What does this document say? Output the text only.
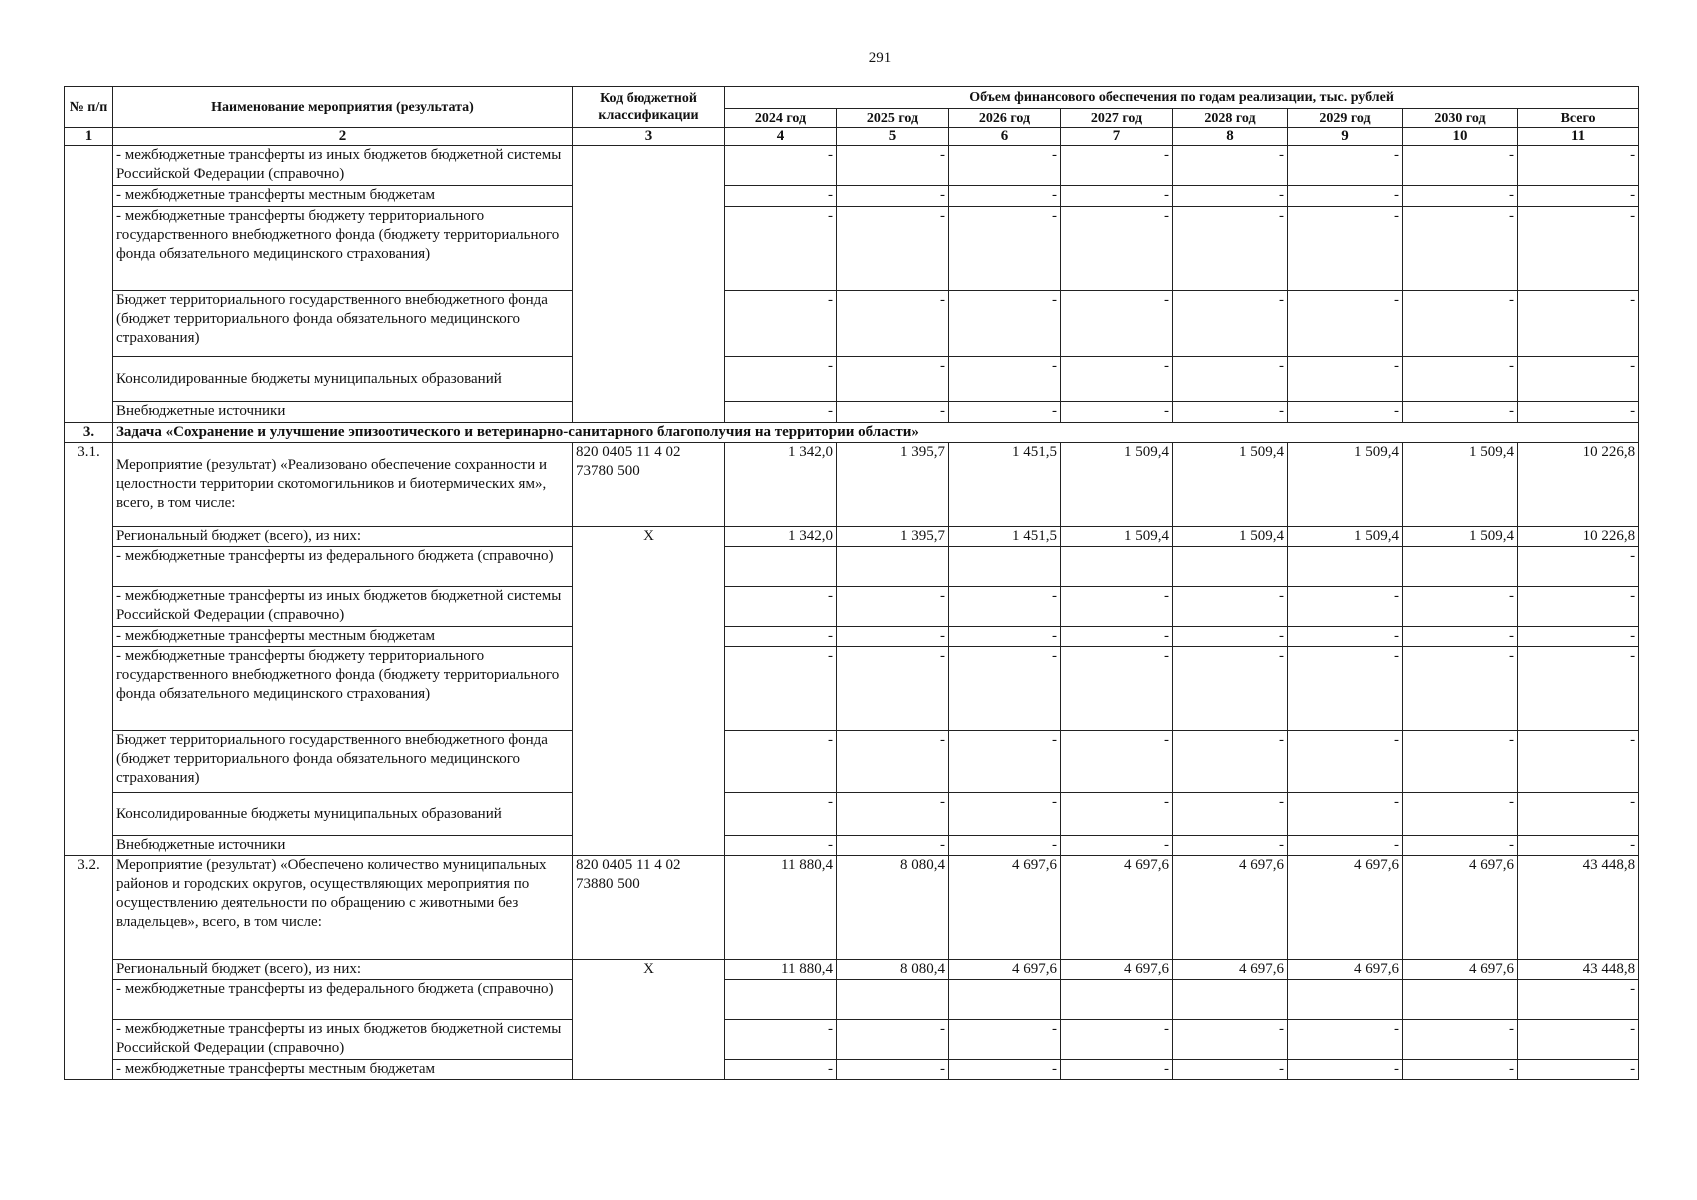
291
№ п/п	Наименование мероприятия (результата)	Код бюджетной классификации	Объем финансового обеспечения по годам реализации, тыс. рублей							
			2024 год	2025 год	2026 год	2027 год	2028 год	2029 год	2030 год	Всего
1	2	3	4	5	6	7	8	9	10	11
	- межбюджетные трансферты из иных бюджетов бюджетной системы Российской Федерации (справочно)		-	-	-	-	-	-	-	-
	- межбюджетные трансферты местным бюджетам		-	-	-	-	-	-	-	-
	- межбюджетные трансферты бюджету территориального государственного внебюджетного фонда (бюджету территориального фонда обязательного медицинского страхования)		-	-	-	-	-	-	-	-
	Бюджет территориального государственного внебюджетного фонда (бюджет территориального фонда обязательного медицинского страхования)		-	-	-	-	-	-	-	-
	Консолидированные бюджеты муниципальных образований		-	-	-	-	-	-	-	-
	Внебюджетные источники		-	-	-	-	-	-	-	-
3.	Задача «Сохранение и улучшение эпизоотического и ветеринарно-санитарного благополучия на территории области»									
3.1.	Мероприятие (результат) «Реализовано обеспечение сохранности и целостности территории скотомогильников и биотермических ям», всего, в том числе:	820 0405 11 4 02 73780 500	1 342,0	1 395,7	1 451,5	1 509,4	1 509,4	1 509,4	1 509,4	10 226,8
	Региональный бюджет (всего), из них:	X	1 342,0	1 395,7	1 451,5	1 509,4	1 509,4	1 509,4	1 509,4	10 226,8
	- межбюджетные трансферты из федерального бюджета (справочно)									-
	- межбюджетные трансферты из иных бюджетов бюджетной системы Российской Федерации (справочно)		-	-	-	-	-	-	-	-
	- межбюджетные трансферты местным бюджетам		-	-	-	-	-	-	-	-
	- межбюджетные трансферты бюджету территориального государственного внебюджетного фонда (бюджету территориального фонда обязательного медицинского страхования)		-	-	-	-	-	-	-	-
	Бюджет территориального государственного внебюджетного фонда (бюджет территориального фонда обязательного медицинского страхования)		-	-	-	-	-	-	-	-
	Консолидированные бюджеты муниципальных образований		-	-	-	-	-	-	-	-
	Внебюджетные источники		-	-	-	-	-	-	-	-
3.2.	Мероприятие (результат) «Обеспечено количество муниципальных районов и городских округов, осуществляющих мероприятия по осуществлению деятельности по обращению с животными без владельцев», всего, в том числе:	820 0405 11 4 02 73880 500	11 880,4	8 080,4	4 697,6	4 697,6	4 697,6	4 697,6	4 697,6	43 448,8
	Региональный бюджет (всего), из них:	X	11 880,4	8 080,4	4 697,6	4 697,6	4 697,6	4 697,6	4 697,6	43 448,8
	- межбюджетные трансферты из федерального бюджета (справочно)									-
	- межбюджетные трансферты из иных бюджетов бюджетной системы Российской Федерации (справочно)		-	-	-	-	-	-	-	-
	- межбюджетные трансферты местным бюджетам		-	-	-	-	-	-	-	-
